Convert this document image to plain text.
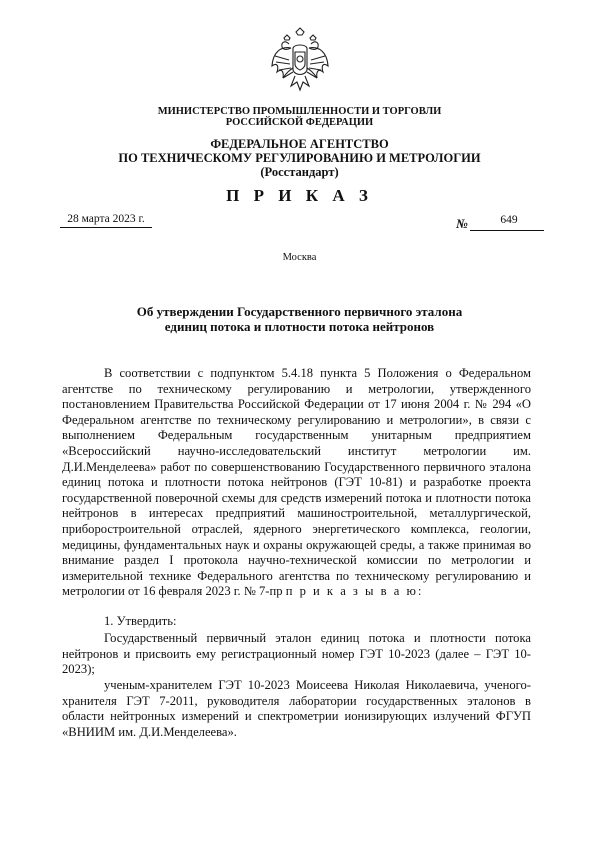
МИНИСТЕРСТВО ПРОМЫШЛЕННОСТИ И ТОРГОВЛИ
РОССИЙСКОЙ ФЕДЕРАЦИИ
ФЕДЕРАЛЬНОЕ АГЕНТСТВО
ПО ТЕХНИЧЕСКОМУ РЕГУЛИРОВАНИЮ И МЕТРОЛОГИИ
(Росстандарт)
П Р И К А З
28 марта 2023 г.	№	649
Москва
Об утверждении Государственного первичного эталона
единиц потока и плотности потока нейтронов

В соответствии с подпунктом 5.4.18 пункта 5 Положения о Федеральном агентстве по техническому регулированию и метрологии, утвержденного постановлением Правительства Российской Федерации от 17 июня 2004 г. № 294 «О Федеральном агентстве по техническому регулированию и метрологии», в связи с выполнением Федеральным государственным унитарным предприятием «Всероссийский научно-исследовательский институт метрологии им. Д.И.Менделеева» работ по совершенствованию Государственного первичного эталона единиц потока и плотности потока нейтронов (ГЭТ 10-81) и разработке проекта государственной поверочной схемы для средств измерений потока и плотности потока нейтронов в интересах предприятий машиностроительной, металлургической, приборостроительной отраслей, ядерного энергетического комплекса, геологии, медицины, фундаментальных наук и охраны окружающей среды, а также принимая во внимание раздел I протокола научно-технической комиссии по метрологии и измерительной технике Федерального агентства по техническому регулированию и метрологии от 16 февраля 2023 г. № 7-пр п р и к а з ы в а ю:

1. Утвердить:

Государственный первичный эталон единиц потока и плотности потока нейтронов и присвоить ему регистрационный номер ГЭТ 10-2023 (далее – ГЭТ 10-2023);

ученым-хранителем ГЭТ 10-2023 Моисеева Николая Николаевича, ученого-хранителя ГЭТ 7-2011, руководителя лаборатории государственных эталонов в области нейтронных измерений и спектрометрии ионизирующих излучений ФГУП «ВНИИМ им. Д.И.Менделеева».
